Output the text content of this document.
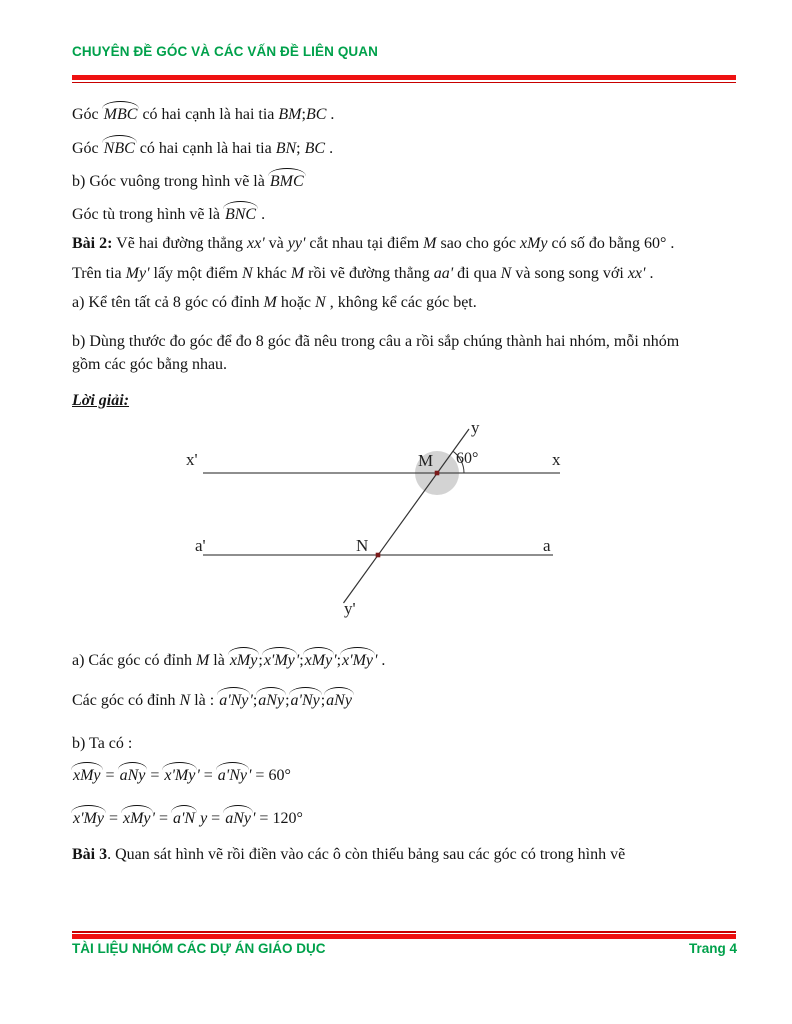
CHUYÊN ĐỀ GÓC VÀ CÁC VẤN ĐỀ LIÊN QUAN
Góc MBC có hai cạnh là hai tia BM;BC .
Góc NBC có hai cạnh là hai tia BN; BC .
b) Góc vuông trong hình vẽ là BMC
Góc tù trong hình vẽ là BNC .
Bài 2: Vẽ hai đường thẳng xx' và yy' cắt nhau tại điểm M sao cho góc xMy có số đo bằng 60° .
Trên tia My' lấy một điểm N khác M rồi vẽ đường thẳng aa' đi qua N và song song với xx' .
a) Kể tên tất cả 8 góc có đỉnh M hoặc N , không kể các góc bẹt.
b) Dùng thước đo góc để đo 8 góc đã nêu trong câu a rồi sắp chúng thành hai nhóm, mỗi nhóm
gồm các góc bằng nhau.
Lời giải:
y
x'	x
M 60°
a'	a
N
y'
a) Các góc có đỉnh M là xMy;x'My';xMy';x'My' .
Các góc có đỉnh N là : a'Ny';aNy;a'Ny;aNy
b) Ta có :
xMy = aNy = x'My' = a'Ny' = 60°
x'My = xMy' = a'N y = aNy' = 120°
Bài 3. Quan sát hình vẽ rồi điền vào các ô còn thiếu bảng sau các góc có trong hình vẽ
TÀI LIỆU NHÓM CÁC DỰ ÁN GIÁO DỤC	Trang 4
